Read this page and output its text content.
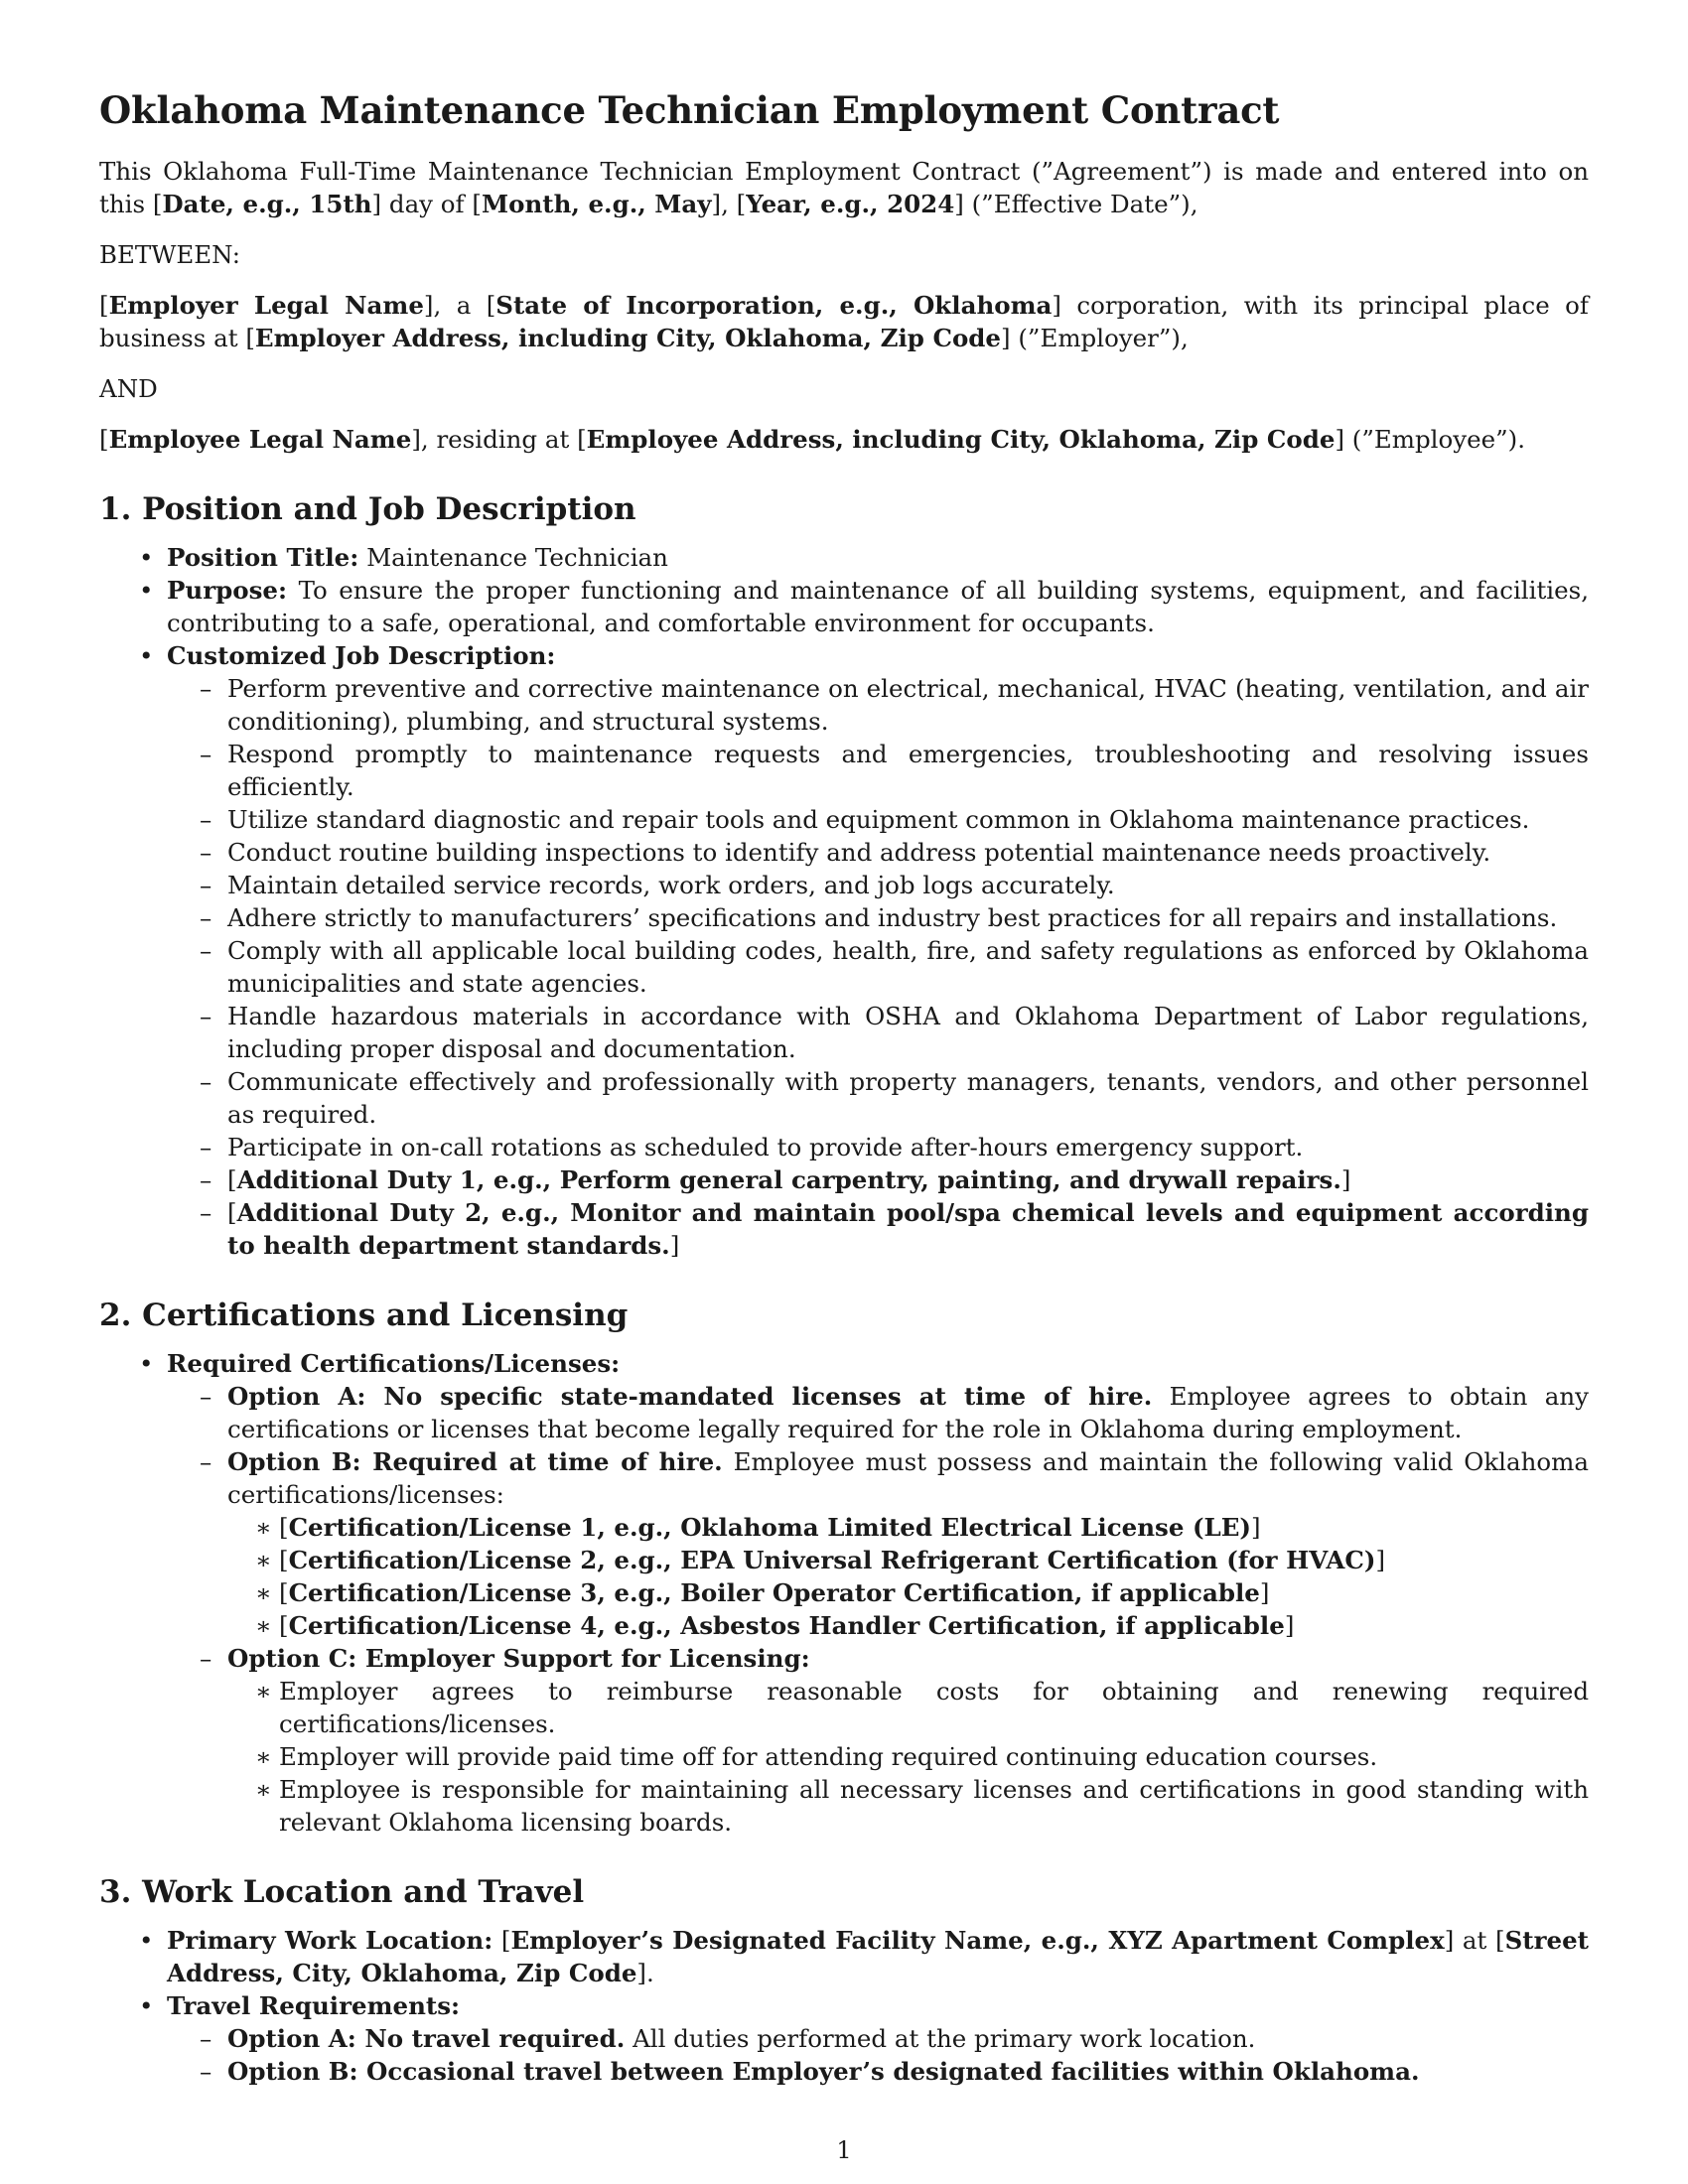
Oklahoma Maintenance Technician Employment Contract

This Oklahoma Full-Time Maintenance Technician Employment Contract (”Agreement”) is made and entered into on this [Date, e.g., 15th] day of [Month, e.g., May], [Year, e.g., 2024] (”Effective Date”),

BETWEEN:

[Employer Legal Name], a [State of Incorporation, e.g., Oklahoma] corporation, with its principal place of business at [Employer Address, including City, Oklahoma, Zip Code] (”Employer”),

AND

[Employee Legal Name], residing at [Employee Address, including City, Oklahoma, Zip Code] (”Employee”).

1. Position and Job Description
• Position Title: Maintenance Technician
• Purpose: To ensure the proper functioning and maintenance of all building systems, equipment, and facilities, contributing to a safe, operational, and comfortable environment for occupants.
• Customized Job Description:
– Perform preventive and corrective maintenance on electrical, mechanical, HVAC (heating, ventilation, and air conditioning), plumbing, and structural systems.
– Respond promptly to maintenance requests and emergencies, troubleshooting and resolving issues efficiently.
– Utilize standard diagnostic and repair tools and equipment common in Oklahoma maintenance practices.
– Conduct routine building inspections to identify and address potential maintenance needs proactively.
– Maintain detailed service records, work orders, and job logs accurately.
– Adhere strictly to manufacturers’ specifications and industry best practices for all repairs and installations.
– Comply with all applicable local building codes, health, fire, and safety regulations as enforced by Oklahoma municipalities and state agencies.
– Handle hazardous materials in accordance with OSHA and Oklahoma Department of Labor regulations, including proper disposal and documentation.
– Communicate effectively and professionally with property managers, tenants, vendors, and other personnel as required.
– Participate in on-call rotations as scheduled to provide after-hours emergency support.
– [Additional Duty 1, e.g., Perform general carpentry, painting, and drywall repairs.]
– [Additional Duty 2, e.g., Monitor and maintain pool/spa chemical levels and equipment according to health department standards.]
2. Certifications and Licensing
• Required Certifications/Licenses:
– Option A: No specific state-mandated licenses at time of hire. Employee agrees to obtain any certifications or licenses that become legally required for the role in Oklahoma during employment.
– Option B: Required at time of hire. Employee must possess and maintain the following valid Oklahoma certifications/licenses:
∗ [Certification/License 1, e.g., Oklahoma Limited Electrical License (LE)]
∗ [Certification/License 2, e.g., EPA Universal Refrigerant Certification (for HVAC)]
∗ [Certification/License 3, e.g., Boiler Operator Certification, if applicable]
∗ [Certification/License 4, e.g., Asbestos Handler Certification, if applicable]
– Option C: Employer Support for Licensing:
∗ Employer agrees to reimburse reasonable costs for obtaining and renewing required certifications/licenses.
∗ Employer will provide paid time off for attending required continuing education courses.
∗ Employee is responsible for maintaining all necessary licenses and certifications in good standing with relevant Oklahoma licensing boards.
3. Work Location and Travel
• Primary Work Location: [Employer’s Designated Facility Name, e.g., XYZ Apartment Complex] at [Street Address, City, Oklahoma, Zip Code].
• Travel Requirements:
– Option A: No travel required. All duties performed at the primary work location.
– Option B: Occasional travel between Employer’s designated facilities within Oklahoma.
1
